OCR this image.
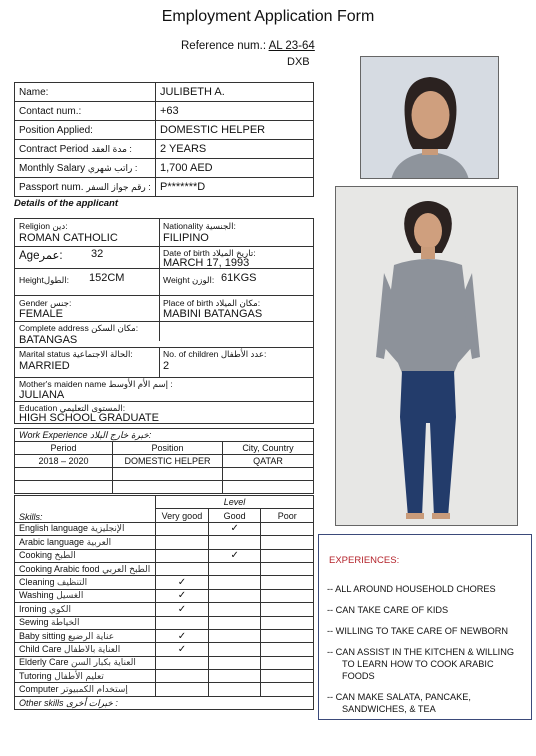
Employment Application Form
Reference num.: AL 23-64
DXB
Name:	JULIBETH A.
Contact num.:	+63
Position Applied:	DOMESTIC HELPER
Contract Period مدة العقد :	2 YEARS
Monthly Salary راتب شهري :	1,700 AED
Passport num. رقم جواز السفر :	P*******D
Details of the applicant
Religion دين:
ROMAN CATHOLIC
Nationality الجنسية:
FILIPINO
Ageعمر:	32	Date of birth تاريخ الميلاد:
MARCH 17, 1993
Heightالطول: 152CM	Weight الوزن: 61KGS
Gender جنس:
FEMALE
Place of birth مكان الميلاد:
MABINI BATANGAS
Complete address مكان السكن:
BATANGAS
Marital status الحالة الاجتماعية:
MARRIED
No. of children عدد الأطفال:
2
Mother's maiden name إسم الأم الأوسط :
JULIANA
Education المستوى التعليمي:
HIGH SCHOOL GRADUATE
Work Experience خبرة خارج البلاد:		
Period	Position	City, Country
2018 – 2020	DOMESTIC HELPER	QATAR

Skills:	Level		
	Very good	Good	Poor
English language الإنجليزية		✓	
Arabic language العربية			
Cooking الطبخ		✓	
Cooking Arabic food الطبخ العربي			
Cleaning التنظيف	✓		
Washing الغسيل	✓		
Ironing الكوي	✓		
Sewing الخياطة			
Baby sitting عناية الرضيع	✓		
Child Care العناية بالاطفال	✓		
Elderly Care العناية بكبار السن			
Tutoring تعليم الأطفال			
Computer إستخدام الكمبيوتر			
Other skills خبرات أخرى :			
EXPERIENCES:
-- ALL AROUND HOUSEHOLD CHORES
-- CAN TAKE CARE OF KIDS
-- WILLING TO TAKE CARE OF NEWBORN
-- CAN ASSIST IN THE KITCHEN & WILLING TO LEARN HOW TO COOK ARABIC FOODS
-- CAN MAKE SALATA, PANCAKE, SANDWICHES, & TEA
